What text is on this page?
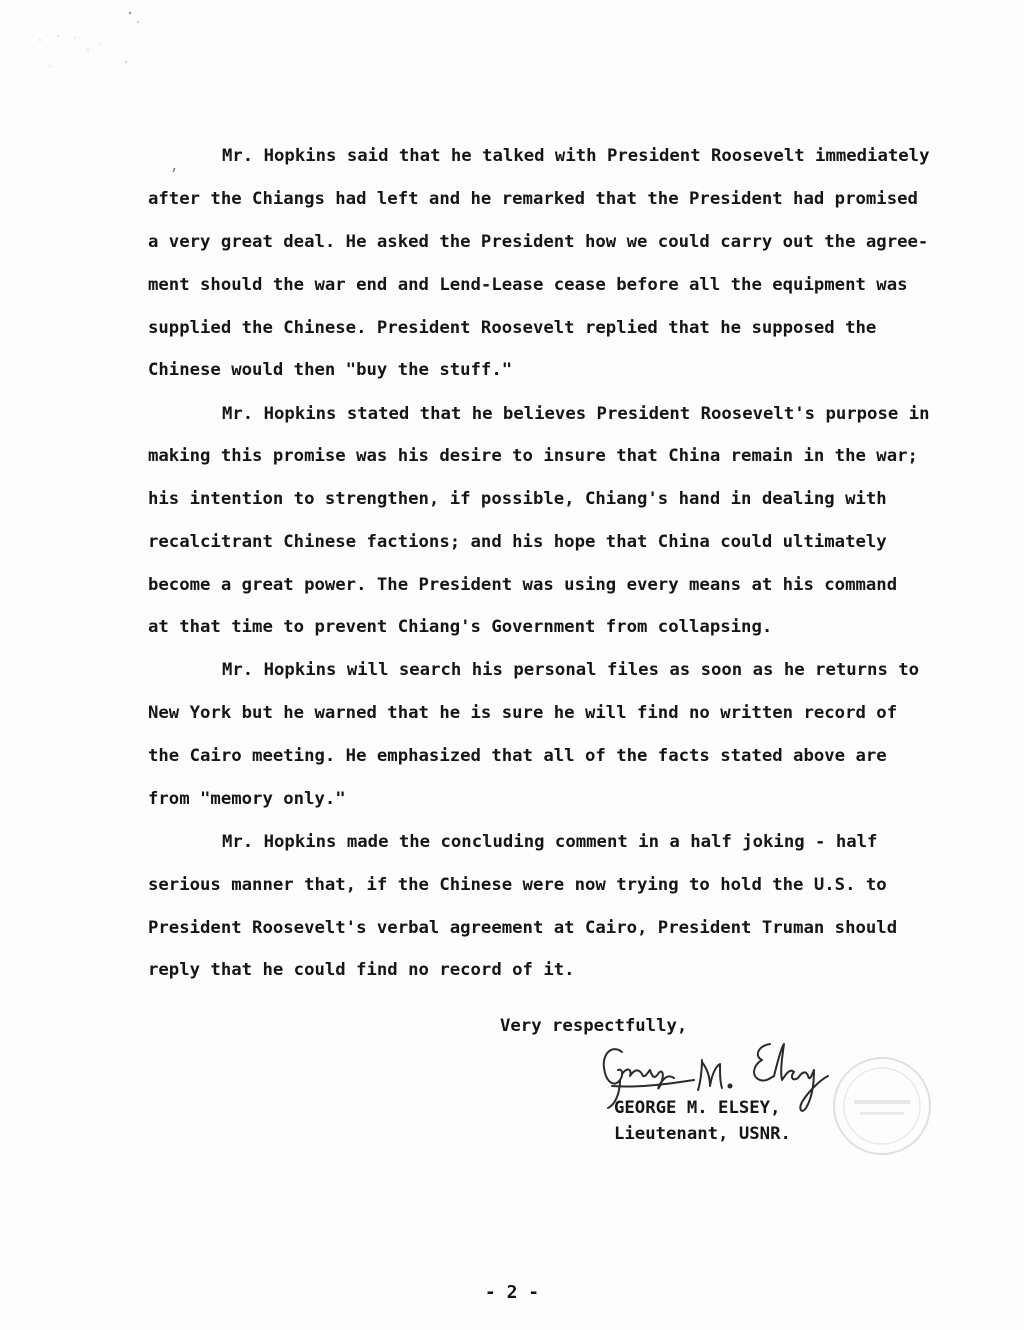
,	Mr. Hopkins said that he talked with President Roosevelt immediately

after the Chiangs had left and he remarked that the President had promised

a very great deal. He asked the President how we could carry out the agree-

ment should the war end and Lend-Lease cease before all the equipment was

supplied the Chinese. President Roosevelt replied that he supposed the

Chinese would then "buy the stuff."

Mr. Hopkins stated that he believes President Roosevelt's purpose in

making this promise was his desire to insure that China remain in the war;

his intention to strengthen, if possible, Chiang's hand in dealing with

recalcitrant Chinese factions; and his hope that China could ultimately

become a great power. The President was using every means at his command

at that time to prevent Chiang's Government from collapsing.

Mr. Hopkins will search his personal files as soon as he returns to

New York but he warned that he is sure he will find no written record of

the Cairo meeting. He emphasized that all of the facts stated above are

from "memory only."

Mr. Hopkins made the concluding comment in a half joking - half

serious manner that, if the Chinese were now trying to hold the U.S. to

President Roosevelt's verbal agreement at Cairo, President Truman should

reply that he could find no record of it.

Very respectfully,

GEORGE M. ELSEY,

Lieutenant, USNR.

- 2 -
